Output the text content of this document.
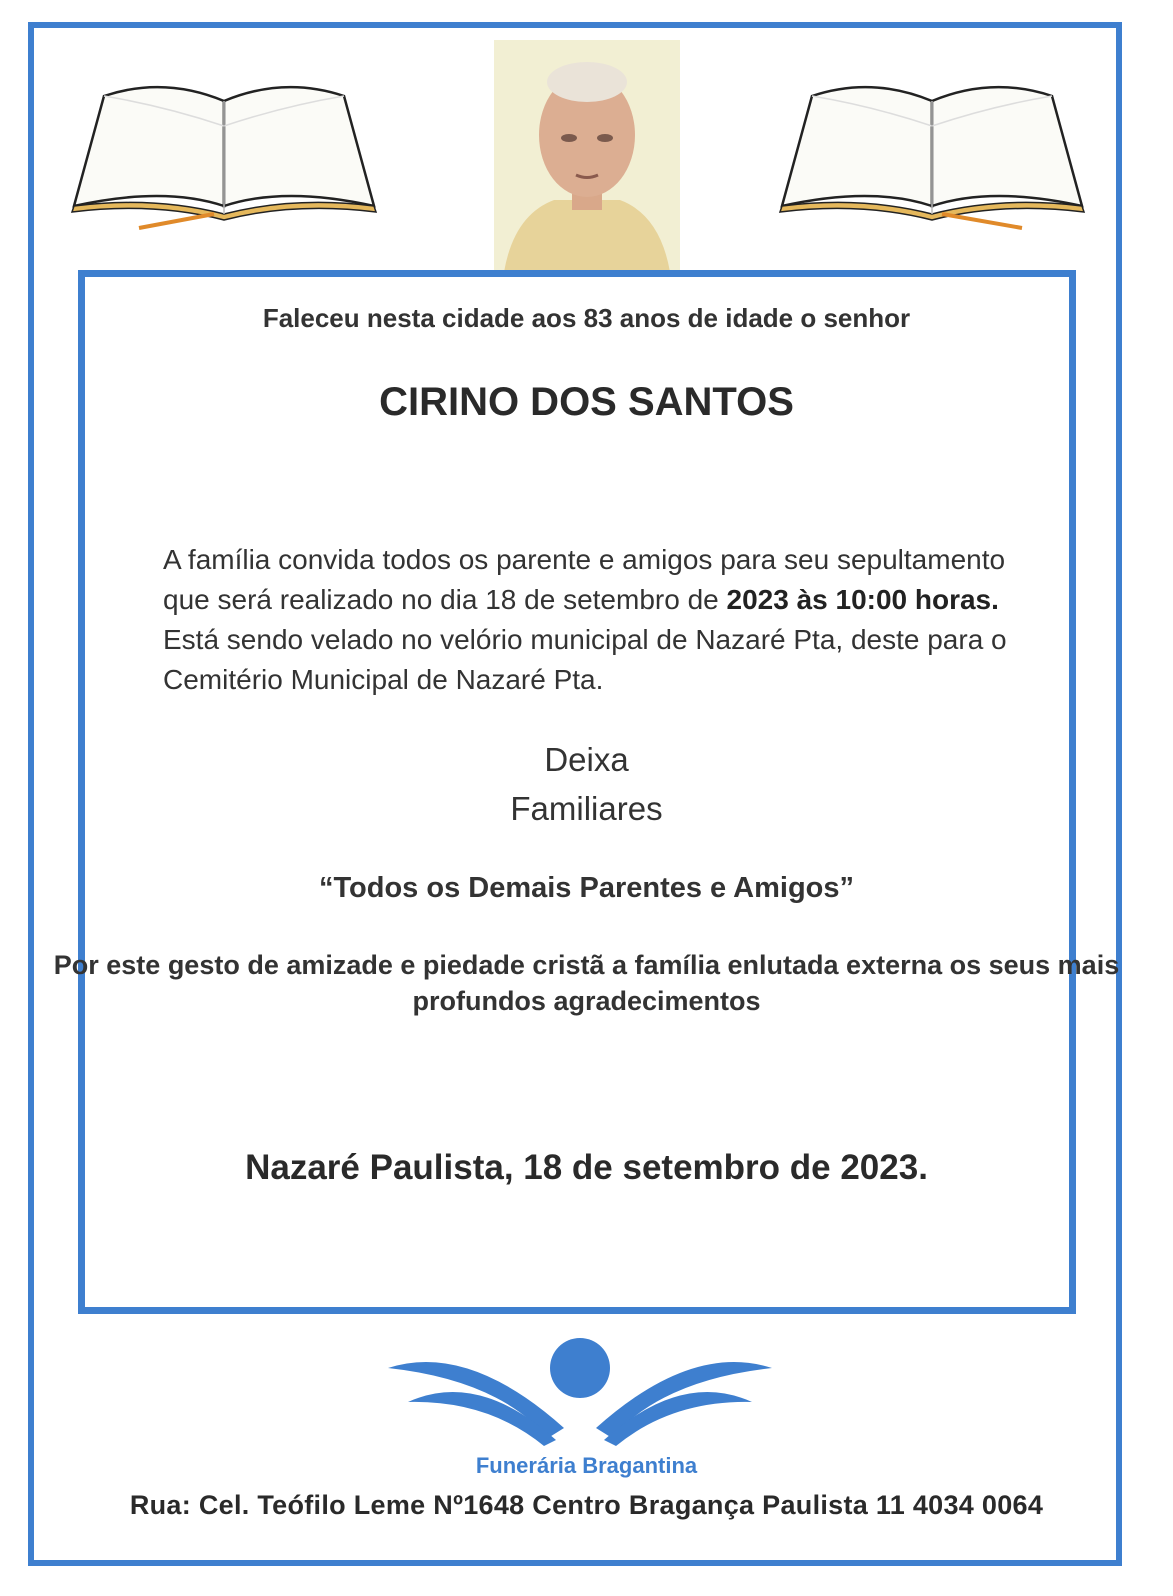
Faleceu nesta cidade aos 83 anos de idade o senhor

CIRINO DOS SANTOS

A família convida todos os parente e amigos para seu sepultamento que será realizado no dia 18 de setembro de 2023 às 10:00 horas. Está sendo velado no velório municipal de Nazaré Pta, deste para o Cemitério Municipal de Nazaré Pta.

Deixa

Familiares

“Todos os Demais Parentes e Amigos”

Por este gesto de amizade e piedade cristã a família enlutada externa os seus mais profundos agradecimentos

Nazaré Paulista, 18 de setembro de 2023.

Funerária Bragantina

Rua: Cel. Teófilo Leme Nº1648 Centro Bragança Paulista 11 4034 0064
